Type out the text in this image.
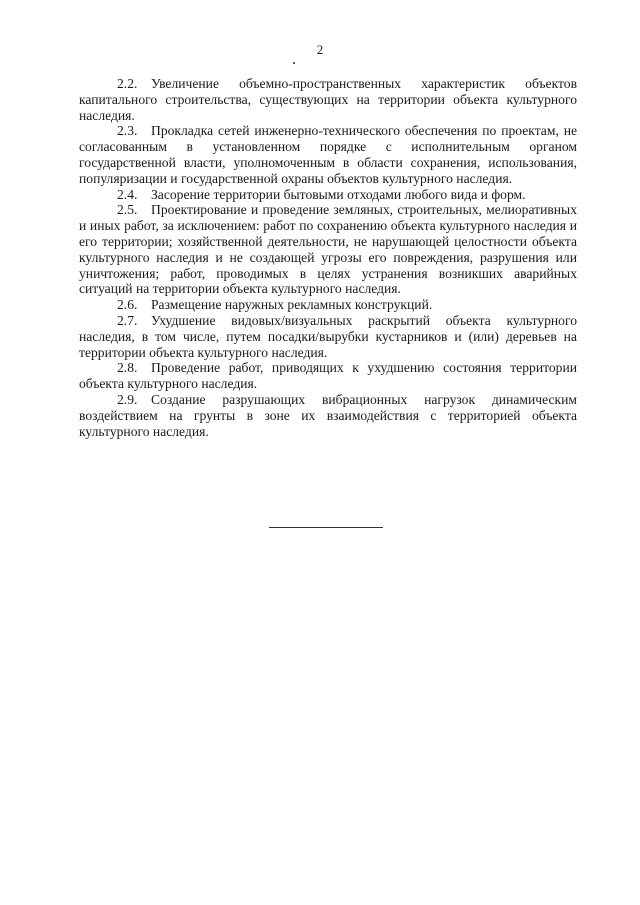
2

2.2. Увеличение объемно-пространственных характеристик объектов капитального строительства, существующих на территории объекта культурного наследия.

2.3. Прокладка сетей инженерно-технического обеспечения по проектам, не согласованным в установленном порядке с исполнительным органом государственной власти, уполномоченным в области сохранения, использования, популяризации и государственной охраны объектов культурного наследия.

2.4. Засорение территории бытовыми отходами любого вида и форм.

2.5. Проектирование и проведение земляных, строительных, мелиоративных и иных работ, за исключением: работ по сохранению объекта культурного наследия и его территории; хозяйственной деятельности, не нарушающей целостности объекта культурного наследия и не создающей угрозы его повреждения, разрушения или уничтожения; работ, проводимых в целях устранения возникших аварийных ситуаций на территории объекта культурного наследия.

2.6. Размещение наружных рекламных конструкций.

2.7. Ухудшение видовых/визуальных раскрытий объекта культурного наследия, в том числе, путем посадки/вырубки кустарников и (или) деревьев на территории объекта культурного наследия.

2.8. Проведение работ, приводящих к ухудшению состояния территории объекта культурного наследия.

2.9. Создание разрушающих вибрационных нагрузок динамическим воздействием на грунты в зоне их взаимодействия с территорией объекта культурного наследия.
